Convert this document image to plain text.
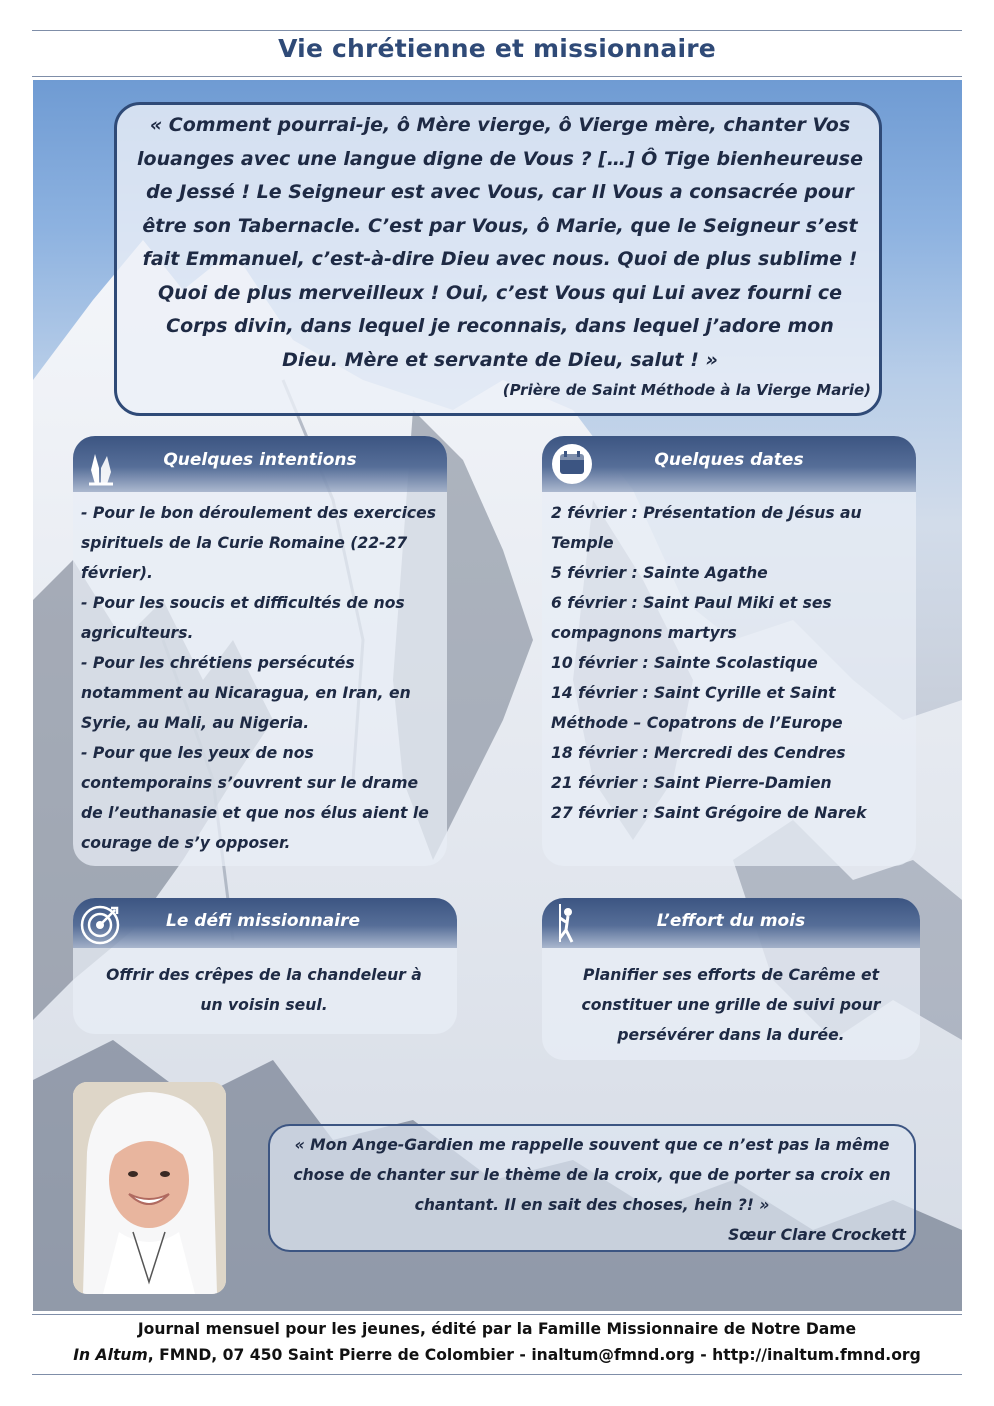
Vie chrétienne et missionnaire

« Comment pourrai-je, ô Mère vierge, ô Vierge mère, chanter Vos louanges avec une langue digne de Vous ? […] Ô Tige bienheureuse de Jessé ! Le Seigneur est avec Vous, car Il Vous a consacrée pour être son Tabernacle. C’est par Vous, ô Marie, que le Seigneur s’est fait Emmanuel, c’est-à-dire Dieu avec nous. Quoi de plus sublime ! Quoi de plus merveilleux ! Oui, c’est Vous qui Lui avez fourni ce Corps divin, dans lequel je reconnais, dans lequel j’adore mon Dieu. Mère et servante de Dieu, salut ! »

(Prière de Saint Méthode à la Vierge Marie)

Quelques intentions

- Pour le bon déroulement des exercices spirituels de la Curie Romaine (22-27 février).

- Pour les soucis et difficultés de nos agriculteurs.

- Pour les chrétiens persécutés notamment au Nicaragua, en Iran, en Syrie, au Mali, au Nigeria.

- Pour que les yeux de nos contemporains s’ouvrent sur le drame de l’euthanasie et que nos élus aient le courage de s’y opposer.

Quelques dates

2 février : Présentation de Jésus au Temple

5 février : Sainte Agathe

6 février : Saint Paul Miki et ses compagnons martyrs

10 février : Sainte Scolastique

14 février : Saint Cyrille et Saint Méthode – Copatrons de l’Europe

18 février : Mercredi des Cendres

21 février : Saint Pierre-Damien

27 février : Saint Grégoire de Narek

Le défi missionnaire

Offrir des crêpes de la chandeleur à un voisin seul.

L’effort du mois

Planifier ses efforts de Carême et constituer une grille de suivi pour persévérer dans la durée.

« Mon Ange-Gardien me rappelle souvent que ce n’est pas la même chose de chanter sur le thème de la croix, que de porter sa croix en chantant. Il en sait des choses, hein ?! »

Sœur Clare Crockett

Journal mensuel pour les jeunes, édité par la Famille Missionnaire de Notre Dame

In Altum, FMND, 07 450 Saint Pierre de Colombier - inaltum@fmnd.org - http://inaltum.fmnd.org
